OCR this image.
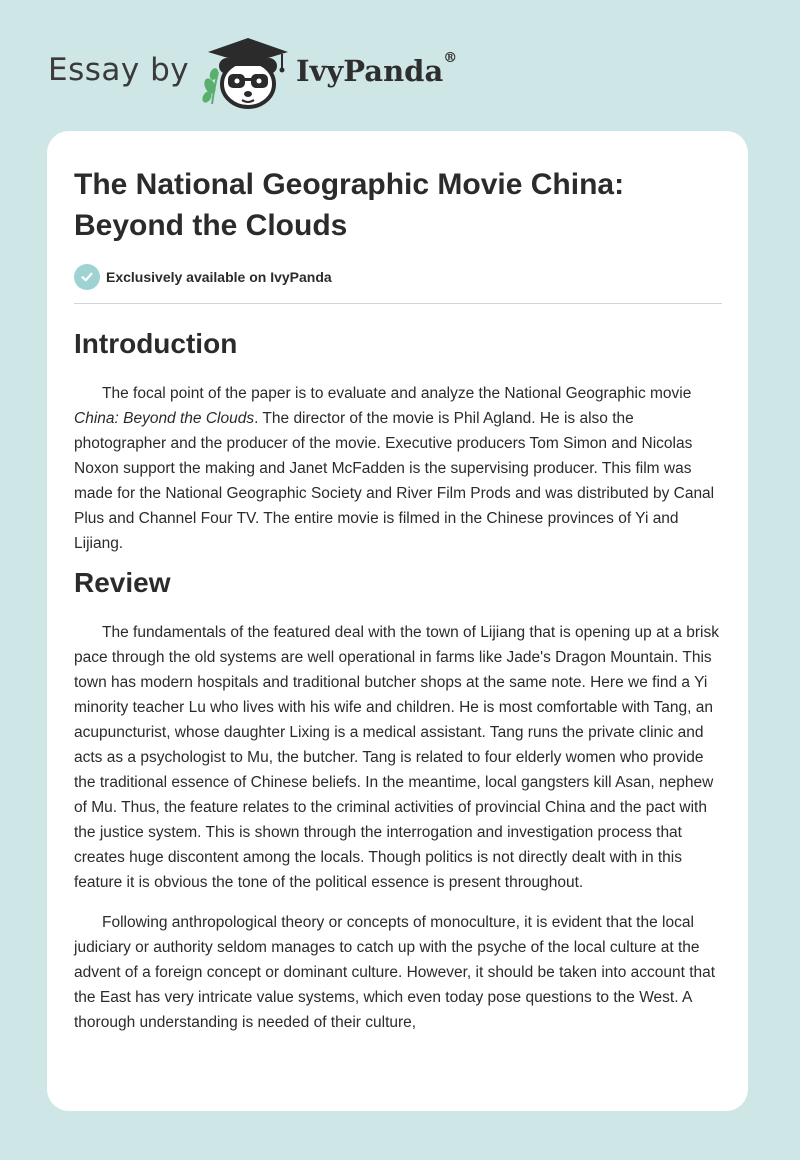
Essay by	IvyPanda®
The National Geographic Movie China: Beyond the Clouds
Exclusively available on IvyPanda
Introduction

The focal point of the paper is to evaluate and analyze the National Geographic movie China: Beyond the Clouds. The director of the movie is Phil Agland. He is also the photographer and the producer of the movie. Executive producers Tom Simon and Nicolas Noxon support the making and Janet McFadden is the supervising producer. This film was made for the National Geographic Society and River Film Prods and was distributed by Canal Plus and Channel Four TV. The entire movie is filmed in the Chinese provinces of Yi and Lijiang.

Review

The fundamentals of the featured deal with the town of Lijiang that is opening up at a brisk pace through the old systems are well operational in farms like Jade's Dragon Mountain. This town has modern hospitals and traditional butcher shops at the same note. Here we find a Yi minority teacher Lu who lives with his wife and children. He is most comfortable with Tang, an acupuncturist, whose daughter Lixing is a medical assistant. Tang runs the private clinic and acts as a psychologist to Mu, the butcher. Tang is related to four elderly women who provide the traditional essence of Chinese beliefs. In the meantime, local gangsters kill Asan, nephew of Mu. Thus, the feature relates to the criminal activities of provincial China and the pact with the justice system. This is shown through the interrogation and investigation process that creates huge discontent among the locals. Though politics is not directly dealt with in this feature it is obvious the tone of the political essence is present throughout.

Following anthropological theory or concepts of monoculture, it is evident that the local judiciary or authority seldom manages to catch up with the psyche of the local culture at the advent of a foreign concept or dominant culture. However, it should be taken into account that the East has very intricate value systems, which even today pose questions to the West. A thorough understanding is needed of their culture,
